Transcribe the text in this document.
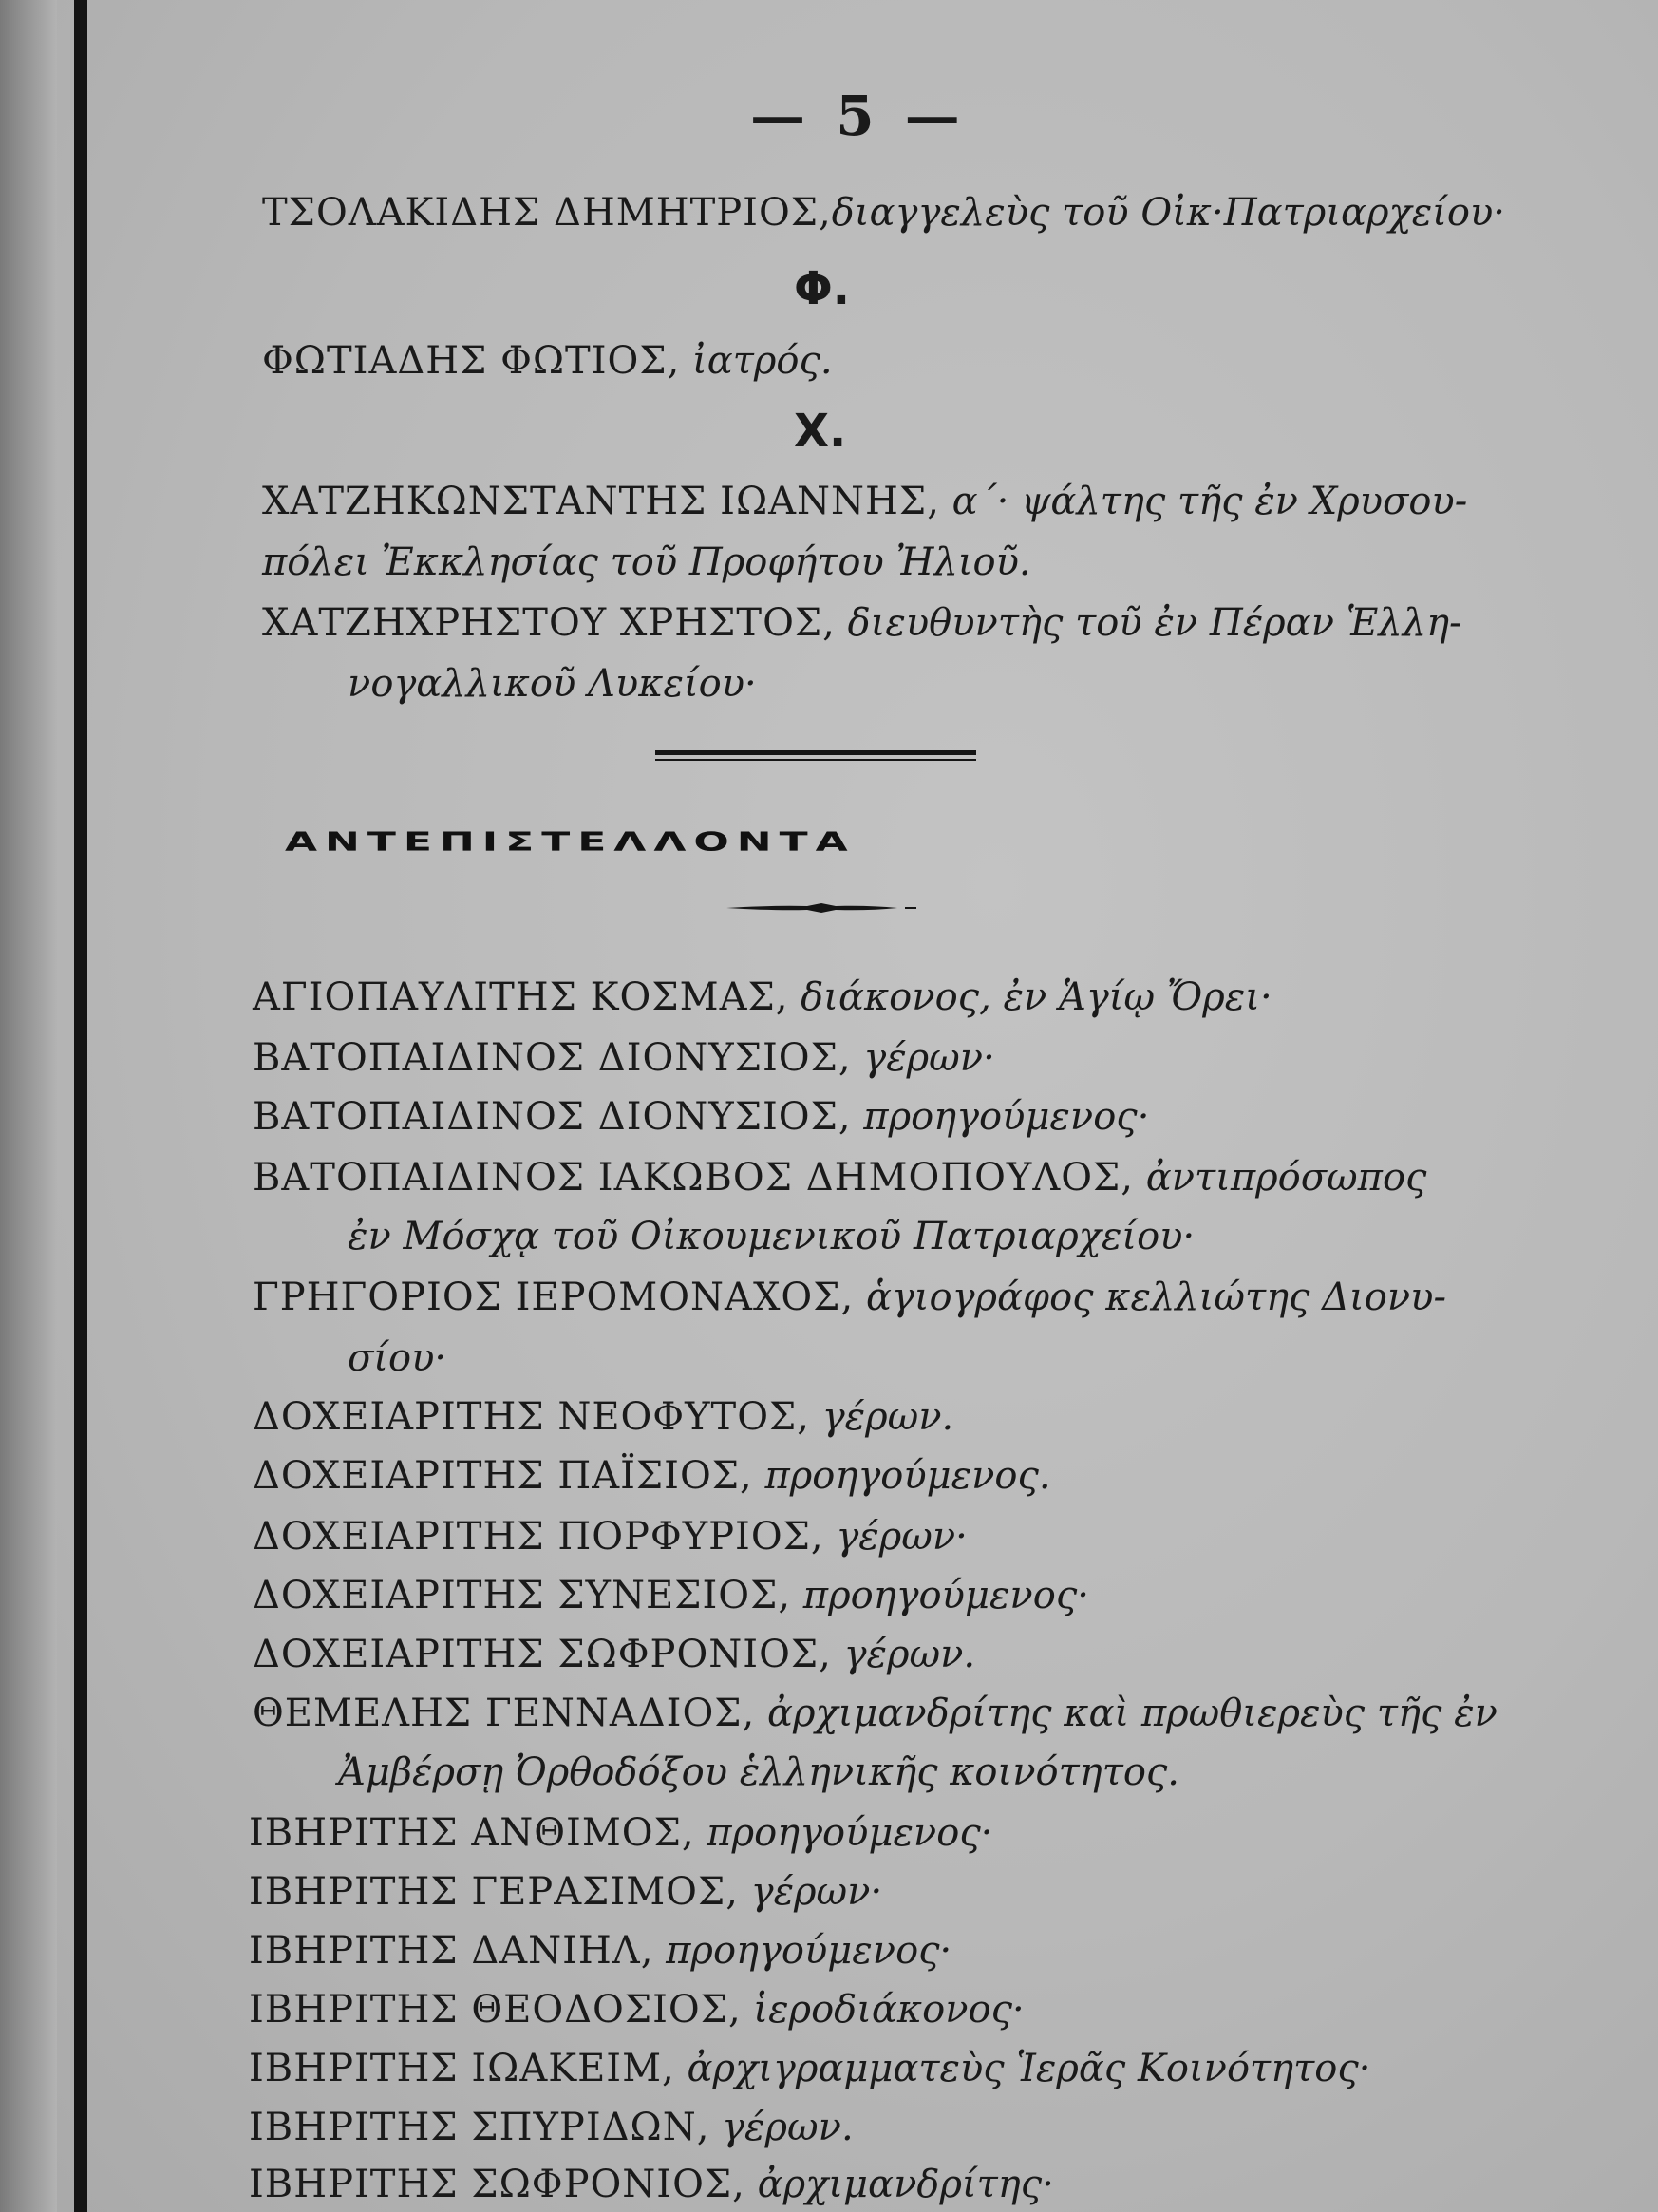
— 5 —
ΤΣΟΛΑΚΙΔΗΣ ΔΗΜΗΤΡΙΟΣ,διαγγελεὺς τοῦ Οἰκ·Πατριαρχείου·
Φ.
ΦΩΤΙΑΔΗΣ ΦΩΤΙΟΣ, ἰατρός.
Χ.
ΧΑΤΖΗΚΩΝΣΤΑΝΤΗΣ ΙΩΑΝΝΗΣ, α΄· ψάλτης τῆς ἐν Χρυσου-
πόλει Ἐκκλησίας τοῦ Προφήτου Ἠλιοῦ.
ΧΑΤΖΗΧΡΗΣΤΟΥ ΧΡΗΣΤΟΣ, διευθυντὴς τοῦ ἐν Πέραν Ἑλλη-
νογαλλικοῦ Λυκείου·
ΑΝΤΕΠΙΣΤΕΛΛΟΝΤΑ
ΑΓΙΟΠΑΥΛΙΤΗΣ ΚΟΣΜΑΣ, διάκονος, ἐν Ἁγίῳ Ὄρει·
ΒΑΤΟΠΑΙΔΙΝΟΣ ΔΙΟΝΥΣΙΟΣ, γέρων·
ΒΑΤΟΠΑΙΔΙΝΟΣ ΔΙΟΝΥΣΙΟΣ, προηγούμενος·
ΒΑΤΟΠΑΙΔΙΝΟΣ ΙΑΚΩΒΟΣ ΔΗΜΟΠΟΥΛΟΣ, ἀντιπρόσωπος
ἐν Μόσχᾳ τοῦ Οἰκουμενικοῦ Πατριαρχείου·
ΓΡΗΓΟΡΙΟΣ ΙΕΡΟΜΟΝΑΧΟΣ, ἁγιογράφος κελλιώτης Διονυ-
σίου·
ΔΟΧΕΙΑΡΙΤΗΣ ΝΕΟΦΥΤΟΣ, γέρων.
ΔΟΧΕΙΑΡΙΤΗΣ ΠΑΪΣΙΟΣ, προηγούμενος.
ΔΟΧΕΙΑΡΙΤΗΣ ΠΟΡΦΥΡΙΟΣ, γέρων·
ΔΟΧΕΙΑΡΙΤΗΣ ΣΥΝΕΣΙΟΣ, προηγούμενος·
ΔΟΧΕΙΑΡΙΤΗΣ ΣΩΦΡΟΝΙΟΣ, γέρων.
ΘΕΜΕΛΗΣ ΓΕΝΝΑΔΙΟΣ, ἀρχιμανδρίτης καὶ πρωθιερεὺς τῆς ἐν
Ἀμβέρσῃ Ὀρθοδόξου ἑλληνικῆς κοινότητος.
ΙΒΗΡΙΤΗΣ ΑΝΘΙΜΟΣ, προηγούμενος·
ΙΒΗΡΙΤΗΣ ΓΕΡΑΣΙΜΟΣ, γέρων·
ΙΒΗΡΙΤΗΣ ΔΑΝΙΗΛ, προηγούμενος·
ΙΒΗΡΙΤΗΣ ΘΕΟΔΟΣΙΟΣ, ἱεροδιάκονος·
ΙΒΗΡΙΤΗΣ ΙΩΑΚΕΙΜ, ἀρχιγραμματεὺς Ἱερᾶς Κοινότητος·
ΙΒΗΡΙΤΗΣ ΣΠΥΡΙΔΩΝ, γέρων.
ΙΒΗΡΙΤΗΣ ΣΩΦΡΟΝΙΟΣ, ἀρχιμανδρίτης·
